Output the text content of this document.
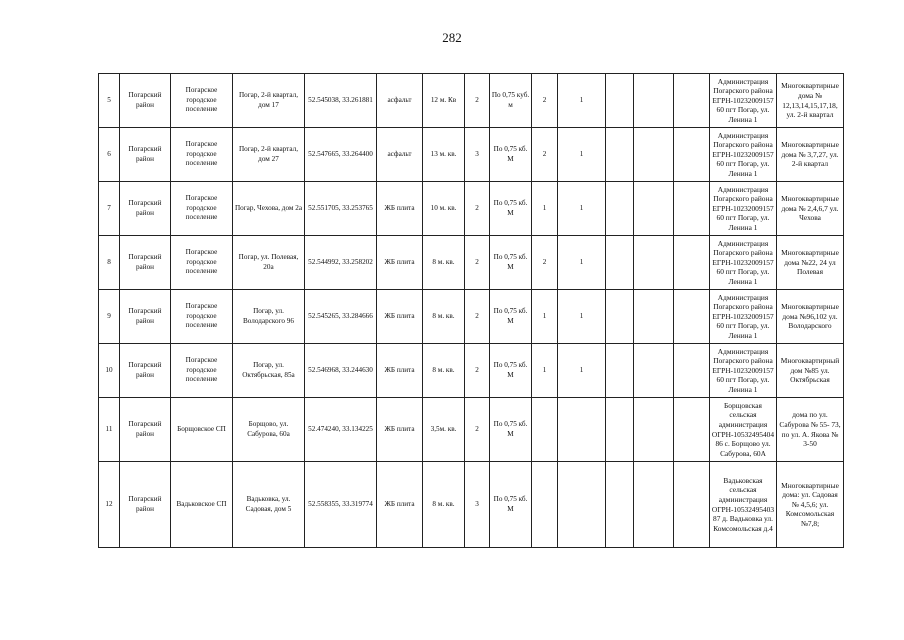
282
5	Погарский район	Погарское городское поселение	Погар, 2-й квартал, дом 17	52.545038, 33.261881	асфальт	12 м. Кв	2	По 0,75 куб. м	2	1				Администрация Погарского района ЕГРН-1023200915760 пгт Погар, ул. Ленина 1	Многоквартирные дома № 12,13,14,15,17,18, ул. 2-й квартал
6	Погарский район	Погарское городское поселение	Погар, 2-й квартал, дом 27	52.547665, 33.264400	асфальт	13 м. кв.	3	По 0,75 кб. М	2	1				Администрация Погарского района ЕГРН-1023200915760 пгт Погар, ул. Ленина 1	Многоквартирные дома № 3,7,27, ул. 2-й квартал
7	Погарский район	Погарское городское поселение	Погар, Чехова, дом 2а	52.551705, 33.253765	ЖБ плита	10 м. кв.	2	По 0,75 кб. М	1	1				Администрация Погарского района ЕГРН-1023200915760 пгт Погар, ул. Ленина 1	Многоквартирные дома № 2,4,6,7 ул. Чехова
8	Погарский район	Погарское городское поселение	Погар, ул. Полевая, 20а	52.544992, 33.258202	ЖБ плита	8 м. кв.	2	По 0,75 кб. М	2	1				Администрация Погарского района ЕГРН-1023200915760 пгт Погар, ул. Ленина 1	Многоквартирные дома №22, 24 ул Полевая
9	Погарский район	Погарское городское поселение	Погар, ул. Володарского 96	52.545265, 33.284666	ЖБ плита	8 м. кв.	2	По 0,75 кб. М	1	1				Администрация Погарского района ЕГРН-1023200915760 пгт Погар, ул. Ленина 1	Многоквартирные дома №96,102 ул. Володарского
10	Погарский район	Погарское городское поселение	Погар, ул. Октябрьская, 85а	52.546968, 33.244630	ЖБ плита	8 м. кв.	2	По 0,75 кб. М	1	1				Администрация Погарского района ЕГРН-1023200915760 пгт Погар, ул. Ленина 1	Многоквартирный дом №85 ул. Октябрьская
11	Погарский район	Борщовское СП	Борщово, ул. Сабурова, 60а	52.474240, 33.134225	ЖБ плита	3,5м. кв.	2	По 0,75 кб. М						Борщовская сельская администрация ОГРН-1053249540486 с. Борщово ул. Сабурова, 60А	дома по ул. Сабурова № 55- 73, по ул. А. Якова № 3-50
12	Погарский район	Вадьковское СП	Вадьковка, ул. Садовая, дом 5	52.558355, 33.319774	ЖБ плита	8 м. кв.	3	По 0,75 кб. М						Вадьковская сельская администрация ОГРН-1053249540387 д. Вадьковка ул. Комсомольская д.4	Многоквартирные дома: ул. Садовая № 4,5,6; ул. Комсомольская №7,8;
